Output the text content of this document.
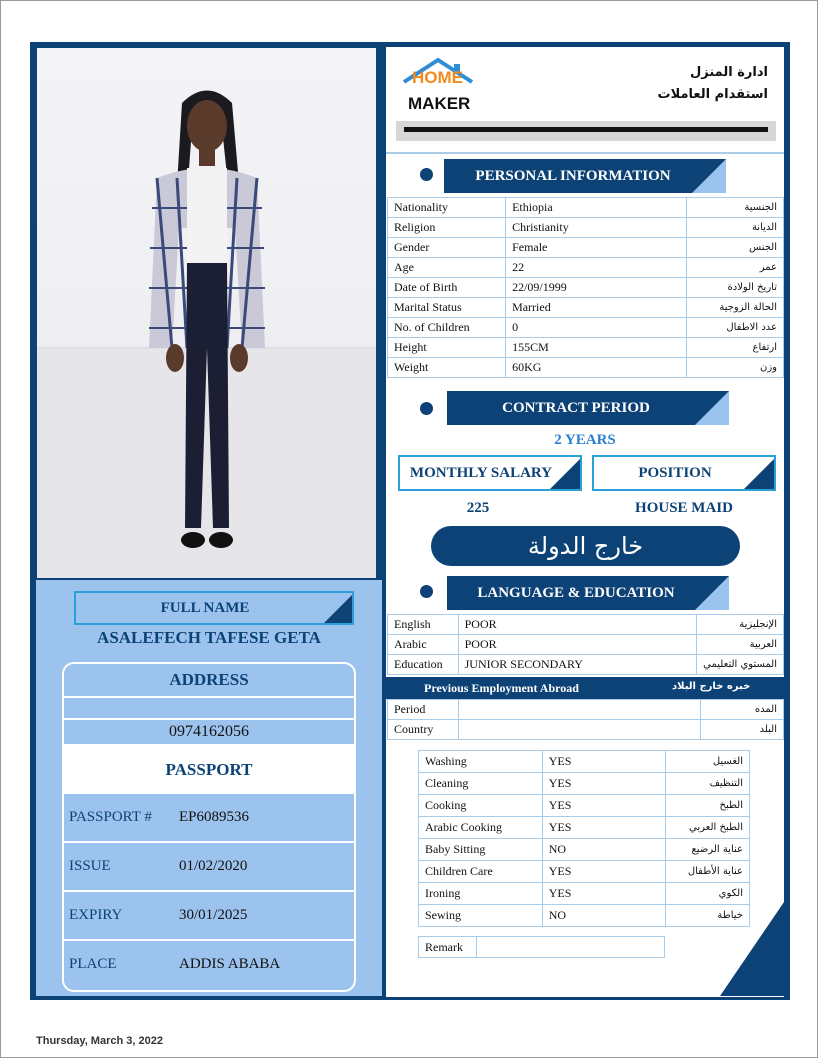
FULL NAME
ASALEFECH TAFESE GETA
ADDRESS
0974162056
PASSPORT
PASSPORT #	EP6089536
ISSUE	01/02/2020
EXPIRY	30/01/2025
PLACE	ADDIS ABABA
HOME
MAKER
ادارة المنزل
استقدام العاملات
PERSONAL INFORMATION
Nationality	Ethiopia	الجنسية
Religion	Christianity	الديانة
Gender	Female	الجنس
Age	22	عمر
Date of Birth	22/09/1999	تاريخ الولادة
Marital Status	Married	الحالة الزوجية
No. of Children	0	عدد الاطفال
Height	155CM	ارتفاع
Weight	60KG	وزن
CONTRACT PERIOD
2 YEARS
MONTHLY SALARY	POSITION
225	HOUSE MAID
خارج الدولة
LANGUAGE & EDUCATION
English	POOR	الإنجليزية
Arabic	POOR	العربية
Education	JUNIOR SECONDARY	المستوي التعليمي
Previous Employment Abroad	خبره خارج البلاد
Period		المده
Country		البلد
Washing	YES	الغسيل
Cleaning	YES	التنظيف
Cooking	YES	الطبخ
Arabic Cooking	YES	الطبخ العربي
Baby Sitting	NO	عناية الرضيع
Children Care	YES	عناية الأطفال
Ironing	YES	الكوي
Sewing	NO	خياطة
Remark	
Thursday, March 3, 2022
